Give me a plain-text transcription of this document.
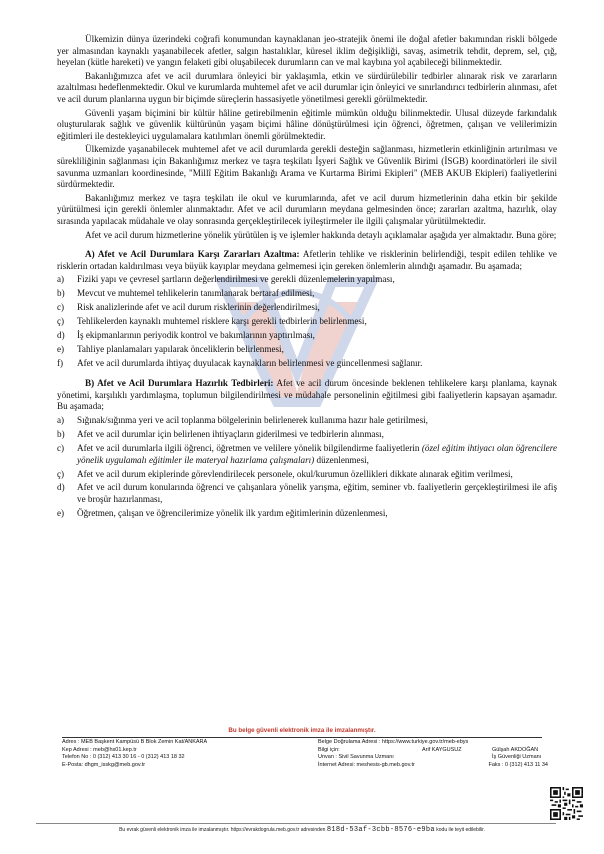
Ülkemizin dünya üzerindeki coğrafi konumundan kaynaklanan jeo-stratejik önemi ile doğal afetler bakımından riskli bölgede yer almasından kaynaklı yaşanabilecek afetler, salgın hastalıklar, küresel iklim değişikliği, savaş, asimetrik tehdit, deprem, sel, çığ, heyelan (kütle hareketi) ve yangın felaketi gibi oluşabilecek durumların can ve mal kaybına yol açabileceği bilinmektedir.

Bakanlığımızca afet ve acil durumlara önleyici bir yaklaşımla, etkin ve sürdürülebilir tedbirler alınarak risk ve zararların azaltılması hedeflenmektedir. Okul ve kurumlarda muhtemel afet ve acil durumlar için önleyici ve sınırlandırıcı tedbirlerin alınması, afet ve acil durum planlarına uygun bir biçimde süreçlerin hassasiyetle yönetilmesi gerekli görülmektedir.

Güvenli yaşam biçimini bir kültür hâline getirebilmenin eğitimle mümkün olduğu bilinmektedir. Ulusal düzeyde farkındalık oluşturularak sağlık ve güvenlik kültürünün yaşam biçimi hâline dönüştürülmesi için öğrenci, öğretmen, çalışan ve velilerimizin eğitimleri ile destekleyici uygulamalara katılımları önemli görülmektedir.

Ülkemizde yaşanabilecek muhtemel afet ve acil durumlarda gerekli desteğin sağlanması, hizmetlerin etkinliğinin artırılması ve sürekliliğinin sağlanması için Bakanlığımız merkez ve taşra teşkilatı İşyeri Sağlık ve Güvenlik Birimi (İSGB) koordinatörleri ile sivil savunma uzmanları koordinesinde, "Millî Eğitim Bakanlığı Arama ve Kurtarma Birimi Ekipleri" (MEB AKUB Ekipleri) faaliyetlerini sürdürmektedir.

Bakanlığımız merkez ve taşra teşkilatı ile okul ve kurumlarında, afet ve acil durum hizmetlerinin daha etkin bir şekilde yürütülmesi için gerekli önlemler alınmaktadır. Afet ve acil durumların meydana gelmesinden önce; zararları azaltma, hazırlık, olay sırasında yapılacak müdahale ve olay sonrasında gerçekleştirilecek iyileştirmeler ile ilgili çalışmalar yürütülmektedir.

Afet ve acil durum hizmetlerine yönelik yürütülen iş ve işlemler hakkında detaylı açıklamalar aşağıda yer almaktadır. Buna göre;

A) Afet ve Acil Durumlara Karşı Zararları Azaltma: Afetlerin tehlike ve risklerinin belirlendiği, tespit edilen tehlike ve risklerin ortadan kaldırılması veya büyük kayıplar meydana gelmemesi için gereken önlemlerin alındığı aşamadır. Bu aşamada;

a)	Fiziki yapı ve çevresel şartların değerlendirilmesi ve gerekli düzenlemelerin yapılması,
b)	Mevcut ve muhtemel tehlikelerin tanımlanarak bertaraf edilmesi,
c)	Risk analizlerinde afet ve acil durum risklerinin değerlendirilmesi,
ç)	Tehlikelerden kaynaklı muhtemel risklere karşı gerekli tedbirlerin belirlenmesi,
d)	İş ekipmanlarının periyodik kontrol ve bakımlarının yaptırılması,
e)	Tahliye planlamaları yapılarak önceliklerin belirlenmesi,
f)	Afet ve acil durumlarda ihtiyaç duyulacak kaynakların belirlenmesi ve güncellenmesi sağlanır.

B) Afet ve Acil Durumlara Hazırlık Tedbirleri: Afet ve acil durum öncesinde beklenen tehlikelere karşı planlama, kaynak yönetimi, karşılıklı yardımlaşma, toplumun bilgilendirilmesi ve müdahale personelinin eğitilmesi gibi faaliyetlerin kapsayan aşamadır. Bu aşamada;

a)	Sığınak/sığınma yeri ve acil toplanma bölgelerinin belirlenerek kullanıma hazır hale getirilmesi,
b)	Afet ve acil durumlar için belirlenen ihtiyaçların giderilmesi ve tedbirlerin alınması,
c)	Afet ve acil durumlarla ilgili öğrenci, öğretmen ve velilere yönelik bilgilendirme faaliyetlerin (özel eğitim ihtiyacı olan öğrencilere yönelik uygulamalı eğitimler ile materyal hazırlama çalışmaları) düzenlenmesi,
ç)	Afet ve acil durum ekiplerinde görevlendirilecek personele, okul/kurumun özellikleri dikkate alınarak eğitim verilmesi,
d)	Afet ve acil durum konularında öğrenci ve çalışanlara yönelik yarışma, eğitim, seminer vb. faaliyetlerin gerçekleştirilmesi ile afiş ve broşür hazırlanması,
e)	Öğretmen, çalışan ve öğrencilerimize yönelik ilk yardım eğitimlerinin düzenlenmesi,
Bu belge güvenli elektronik imza ile imzalanmıştır.
Adres : MEB Başkent Kampüsü B Blok Zemin Kat/ANKARA
Kep Adresi : meb@hs01.kep.tr
Telefon No : 0 (312) 413 30 16 - 0 (312) 413 18 32
E-Posta: dhgm_isskg@meb.gov.tr
Belge Doğrulama Adresi : https://www.turkiye.gov.tr/meb-ebys
Bilgi için:	Arif KAYGUSUZ	Gülşah AKDOĞAN
Unvan : Sivil Savunma Uzmanı	İş Güvenliği Uzmanı
İnternet Adresi: meshesis-gb.meb.gov.tr	Faks : 0 (312) 413 11 34
Bu evrak güvenli elektronik imza ile imzalanmıştır. https://evrakdogrula.meb.gov.tr adresinden 818d-53af-3cbb-8576-e9ba kodu ile teyit edilebilir.
